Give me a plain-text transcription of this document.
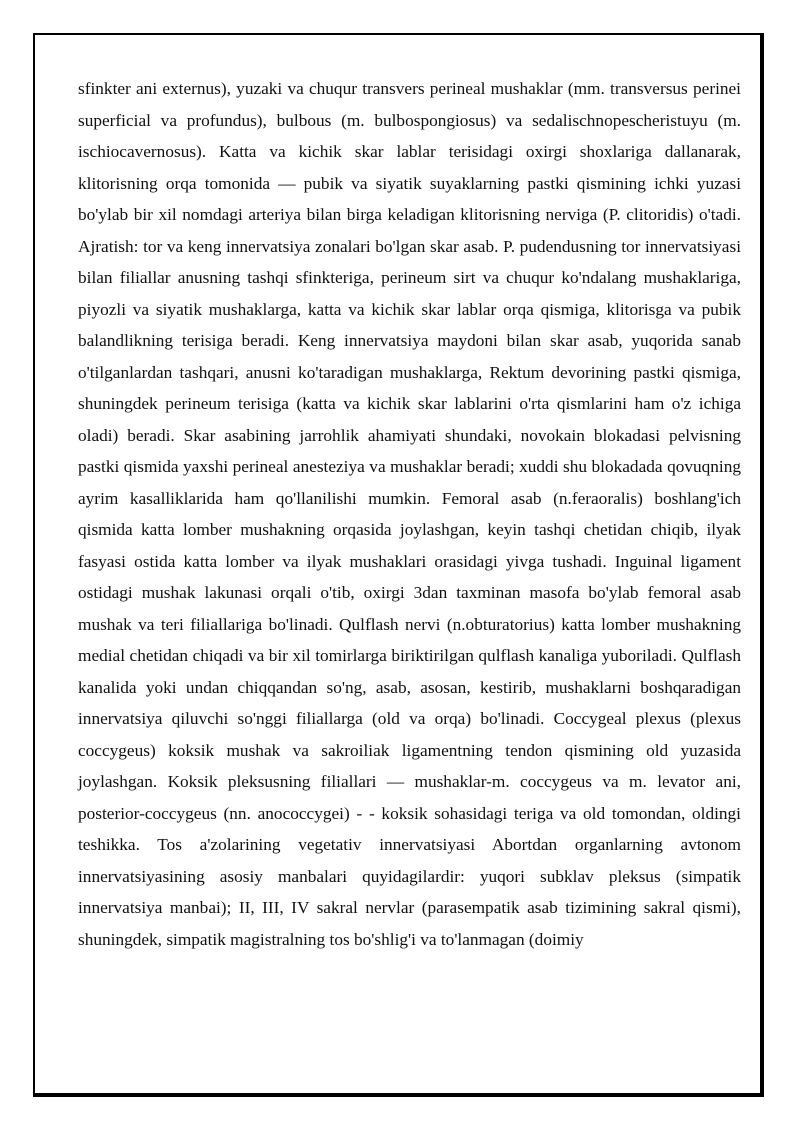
sfinkter ani externus), yuzaki va chuqur transvers perineal mushaklar (mm. transversus perinei superficial va profundus), bulbous (m. bulbospongiosus) va sedalischnopescheristuyu (m. ischiocavernosus). Katta va kichik skar lablar terisidagi oxirgi shoxlariga dallanarak, klitorisning orqa tomonida — pubik va siyatik suyaklarning pastki qismining ichki yuzasi bo'ylab bir xil nomdagi arteriya bilan birga keladigan klitorisning nerviga (P. clitoridis) o'tadi. Ajratish: tor va keng innervatsiya zonalari bo'lgan skar asab. P. pudendusning tor innervatsiyasi bilan filiallar anusning tashqi sfinkteriga, perineum sirt va chuqur ko'ndalang mushaklariga, piyozli va siyatik mushaklarga, katta va kichik skar lablar orqa qismiga, klitorisga va pubik balandlikning terisiga beradi. Keng innervatsiya maydoni bilan skar asab, yuqorida sanab o'tilganlardan tashqari, anusni ko'taradigan mushaklarga, Rektum devorining pastki qismiga, shuningdek perineum terisiga (katta va kichik skar lablarini o'rta qismlarini ham o'z ichiga oladi) beradi. Skar asabining jarrohlik ahamiyati shundaki, novokain blokadasi pelvisning pastki qismida yaxshi perineal anesteziya va mushaklar beradi; xuddi shu blokadada qovuqning ayrim kasalliklarida ham qo'llanilishi mumkin. Femoral asab (n.feraoralis) boshlang'ich qismida katta lomber mushakning orqasida joylashgan, keyin tashqi chetidan chiqib, ilyak fasyasi ostida katta lomber va ilyak mushaklari orasidagi yivga tushadi. Inguinal ligament ostidagi mushak lakunasi orqali o'tib, oxirgi 3dan taxminan masofa bo'ylab femoral asab mushak va teri filiallariga bo'linadi. Qulflash nervi (n.obturatorius) katta lomber mushakning medial chetidan chiqadi va bir xil tomirlarga biriktirilgan qulflash kanaliga yuboriladi. Qulflash kanalida yoki undan chiqqandan so'ng, asab, asosan, kestirib, mushaklarni boshqaradigan innervatsiya qiluvchi so'nggi filiallarga (old va orqa) bo'linadi. Coccygeal plexus (plexus coccygeus) koksik mushak va sakroiliak ligamentning tendon qismining old yuzasida joylashgan. Koksik pleksusning filiallari — mushaklar-m. coccygeus va m. levator ani, posterior-coccygeus (nn. anococcygei) - - koksik sohasidagi teriga va old tomondan, oldingi teshikka. Tos a'zolarining vegetativ innervatsiyasi Abortdan organlarning avtonom innervatsiyasining asosiy manbalari quyidagilardir: yuqori subklav pleksus (simpatik innervatsiya manbai); II, III, IV sakral nervlar (parasempatik asab tizimining sakral qismi), shuningdek, simpatik magistralning tos bo'shlig'i va to'lanmagan (doimiy
